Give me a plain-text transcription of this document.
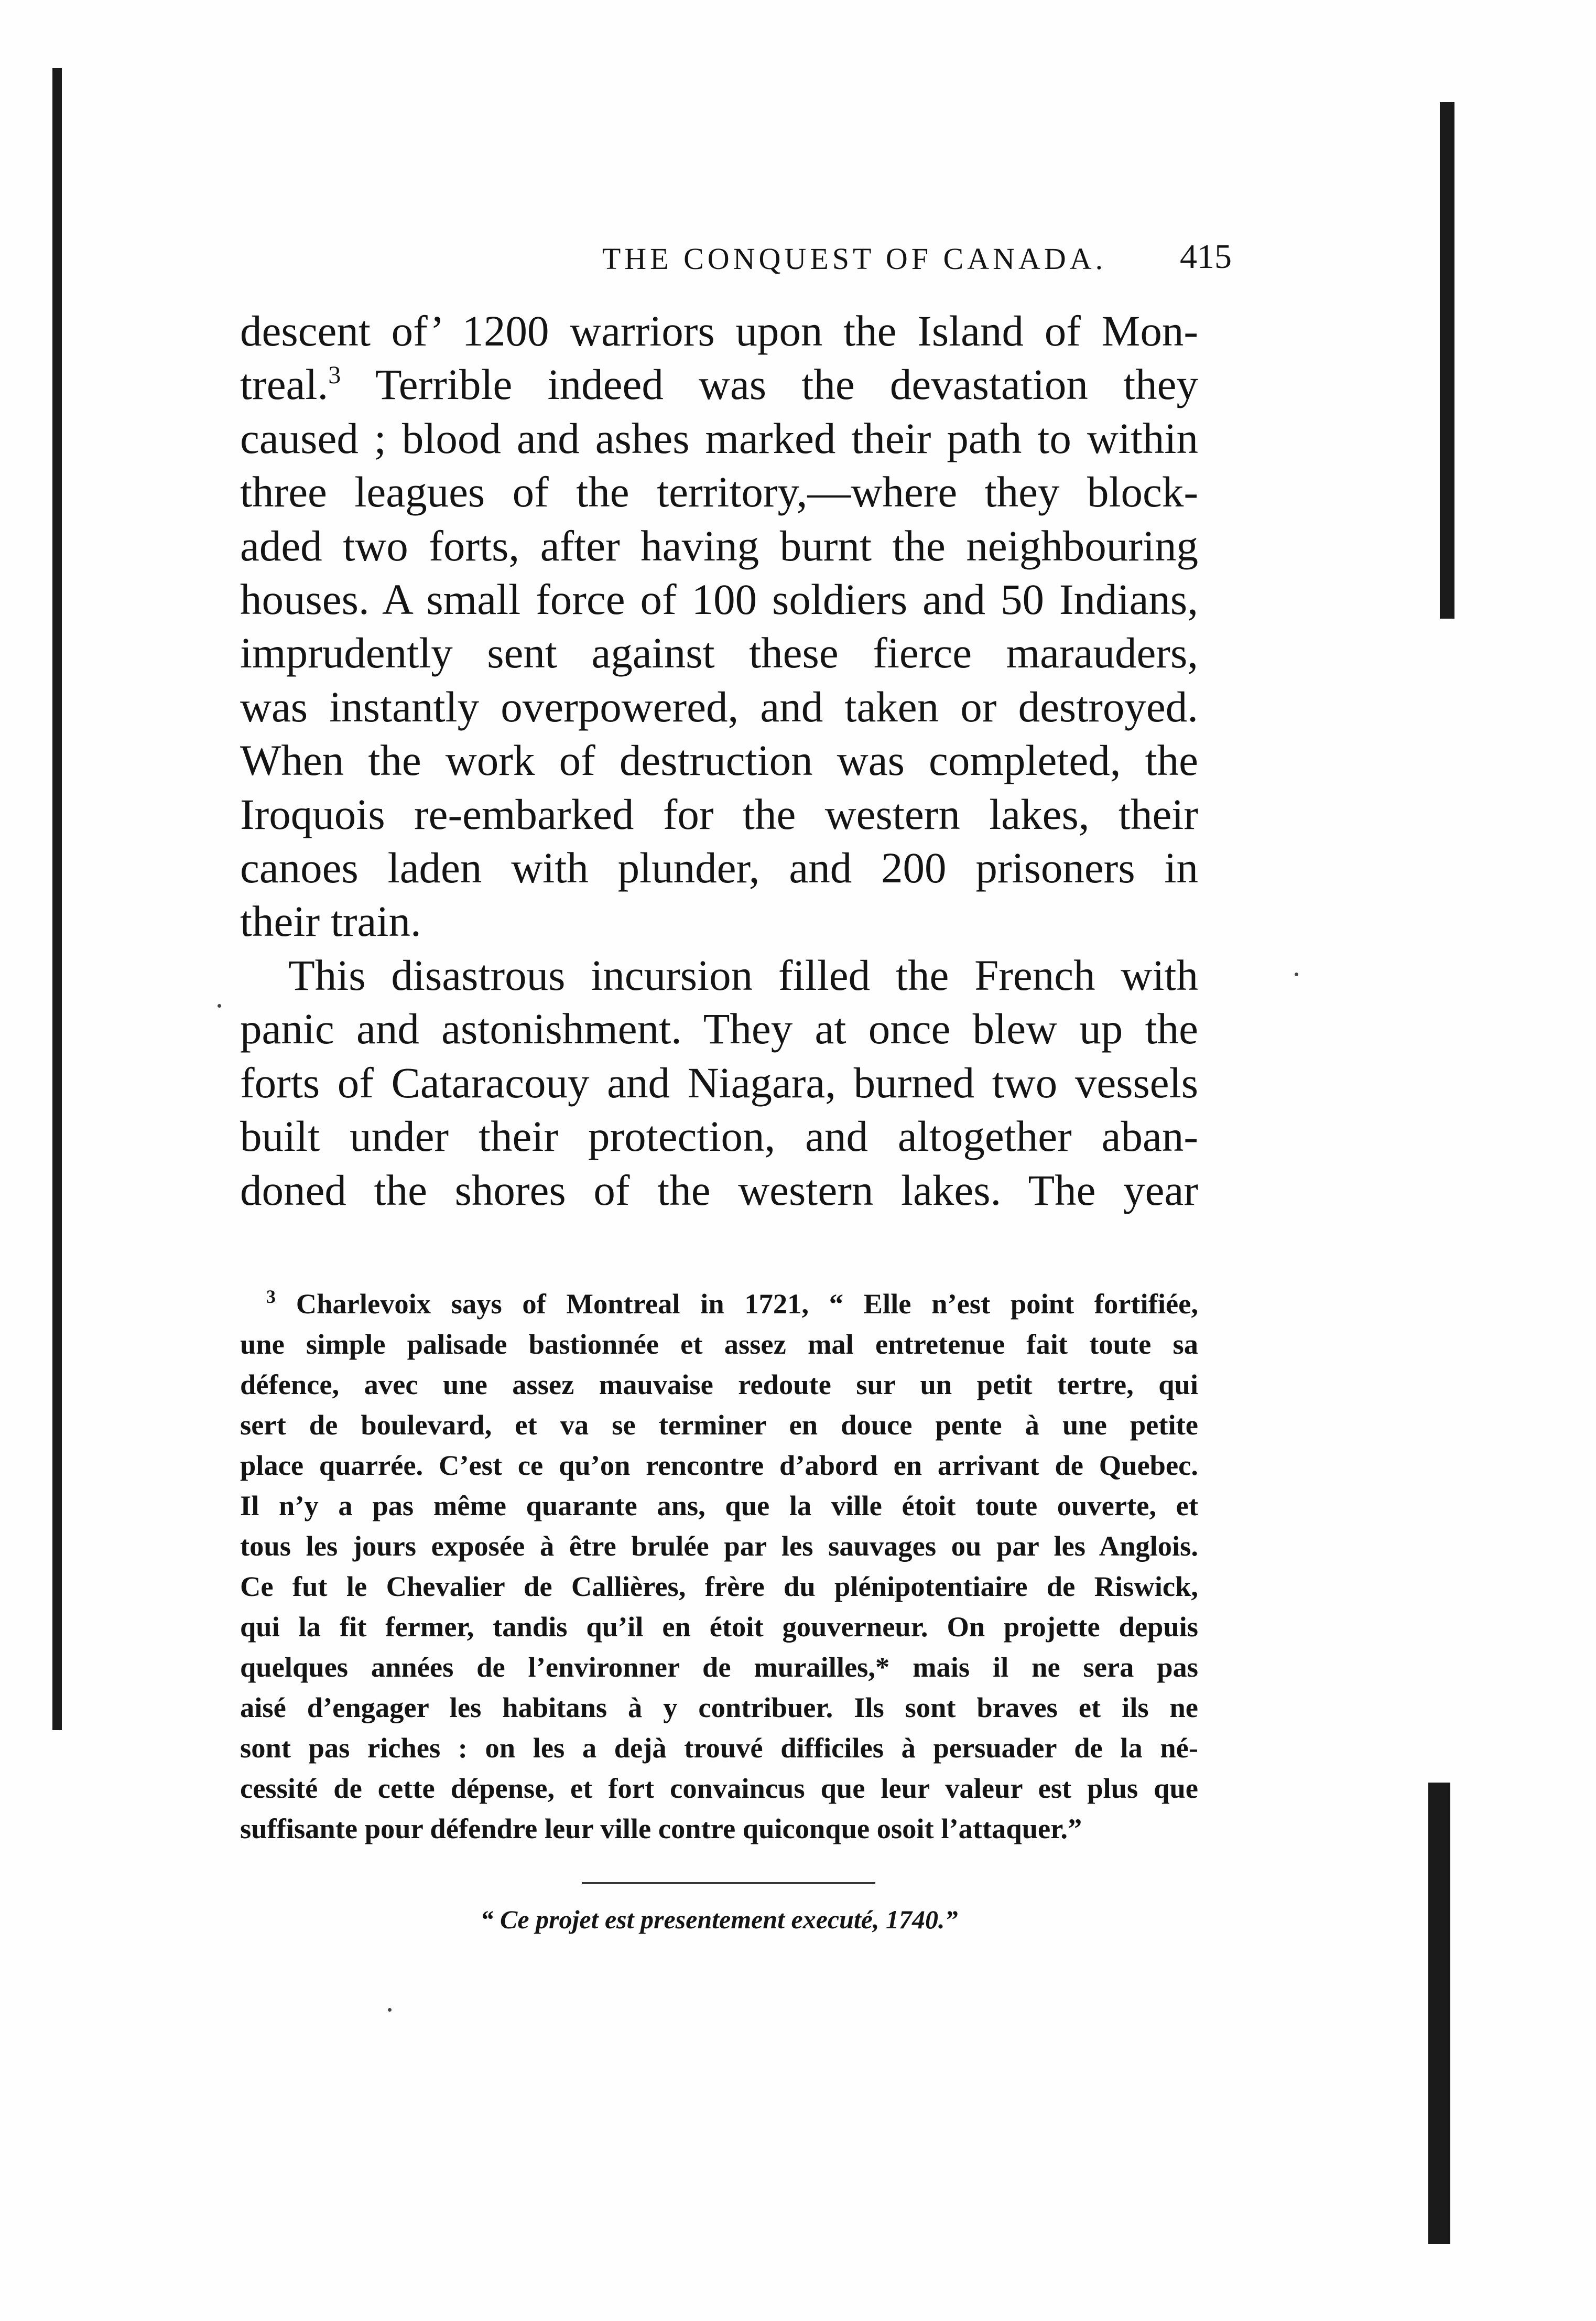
THE CONQUEST OF CANADA.	415
descent of’ 1200 warriors upon the Island of Mon-
treal.$^3$ Terrible indeed was the devastation they
caused ; blood and ashes marked their path to within
three leagues of the territory,—where they block-
aded two forts, after having burnt the neighbouring
houses. A small force of 100 soldiers and 50 Indians,
imprudently sent against these fierce marauders,
was instantly overpowered, and taken or destroyed.
When the work of destruction was completed, the
Iroquois re-embarked for the western lakes, their
canoes laden with plunder, and 200 prisoners in
their train.
This disastrous incursion filled the French with
panic and astonishment. They at once blew up the
forts of Cataracouy and Niagara, burned two vessels
built under their protection, and altogether aban-
doned the shores of the western lakes. The year
$^3$ Charlevoix says of Montreal in 1721, “ Elle n’est point fortifiée,
une simple palisade bastionnée et assez mal entretenue fait toute sa
défence, avec une assez mauvaise redoute sur un petit tertre, qui
sert de boulevard, et va se terminer en douce pente à une petite
place quarrée. C’est ce qu’on rencontre d’abord en arrivant de Quebec.
Il n’y a pas même quarante ans, que la ville étoit toute ouverte, et
tous les jours exposée à être brulée par les sauvages ou par les Anglois.
Ce fut le Chevalier de Callières, frère du plénipotentiaire de Riswick,
qui la fit fermer, tandis qu’il en étoit gouverneur. On projette depuis
quelques années de l’environner de murailles,* mais il ne sera pas
aisé d’engager les habitans à y contribuer. Ils sont braves et ils ne
sont pas riches : on les a dejà trouvé difficiles à persuader de la né-
cessité de cette dépense, et fort convaincus que leur valeur est plus que
suffisante pour défendre leur ville contre quiconque osoit l’attaquer.”
“ Ce projet est presentement executé, 1740.”
